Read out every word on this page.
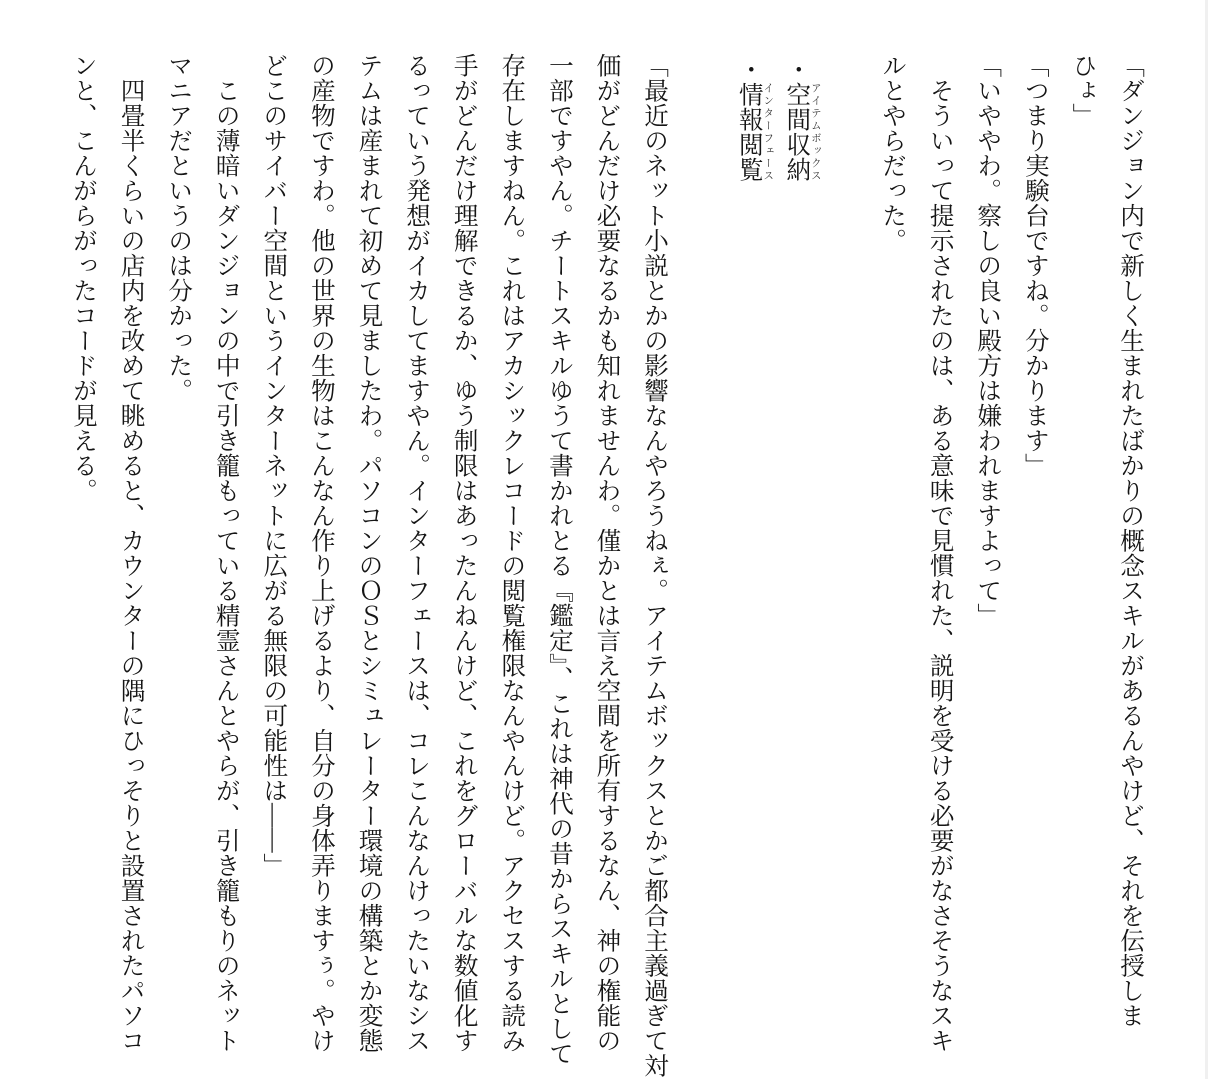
「ダンジョン内で新しく生まれたばかりの概念スキルがあるんやけど、それを伝授しま
ひょ」
「つまり実験台ですね。分かります」
「いややわ。察しの良い殿方は嫌われますよって」
　そういって提示されたのは、ある意味で見慣れた、説明を受ける必要がなさそうなスキ
ルとやらだった。
・空間収納 アイテムボックス
・情報閲覧 インターフェース
「最近のネット小説とかの影響なんやろうねぇ。アイテムボックスとかご都合主義過ぎて対
価がどんだけ必要なるかも知れませんわ。僅かとは言え空間を所有するなん、神の権能の
一部ですやん。チートスキルゆうて書かれとる『鑑定』、これは神代の昔からスキルとして
存在しますねん。これはアカシックレコードの閲覧権限なんやんけど。アクセスする読み
手がどんだけ理解できるか、ゆう制限はあったんねんけど、これをグローバルな数値化す
るっていう発想がイカしてますやん。インターフェースは、コレこんなんけったいなシス
テムは産まれて初めて見ましたわ。パソコンのＯＳとシミュレーター環境の構築とか変態
の産物ですわ。他の世界の生物はこんなん作り上げるより、自分の身体弄りますぅ。やけ
どこのサイバー空間というインターネットに広がる無限の可能性は――」
　この薄暗いダンジョンの中で引き籠もっている精霊さんとやらが、引き籠もりのネット
マニアだというのは分かった。
　四畳半くらいの店内を改めて眺めると、カウンターの隅にひっそりと設置されたパソコ
ンと、こんがらがったコードが見える。
